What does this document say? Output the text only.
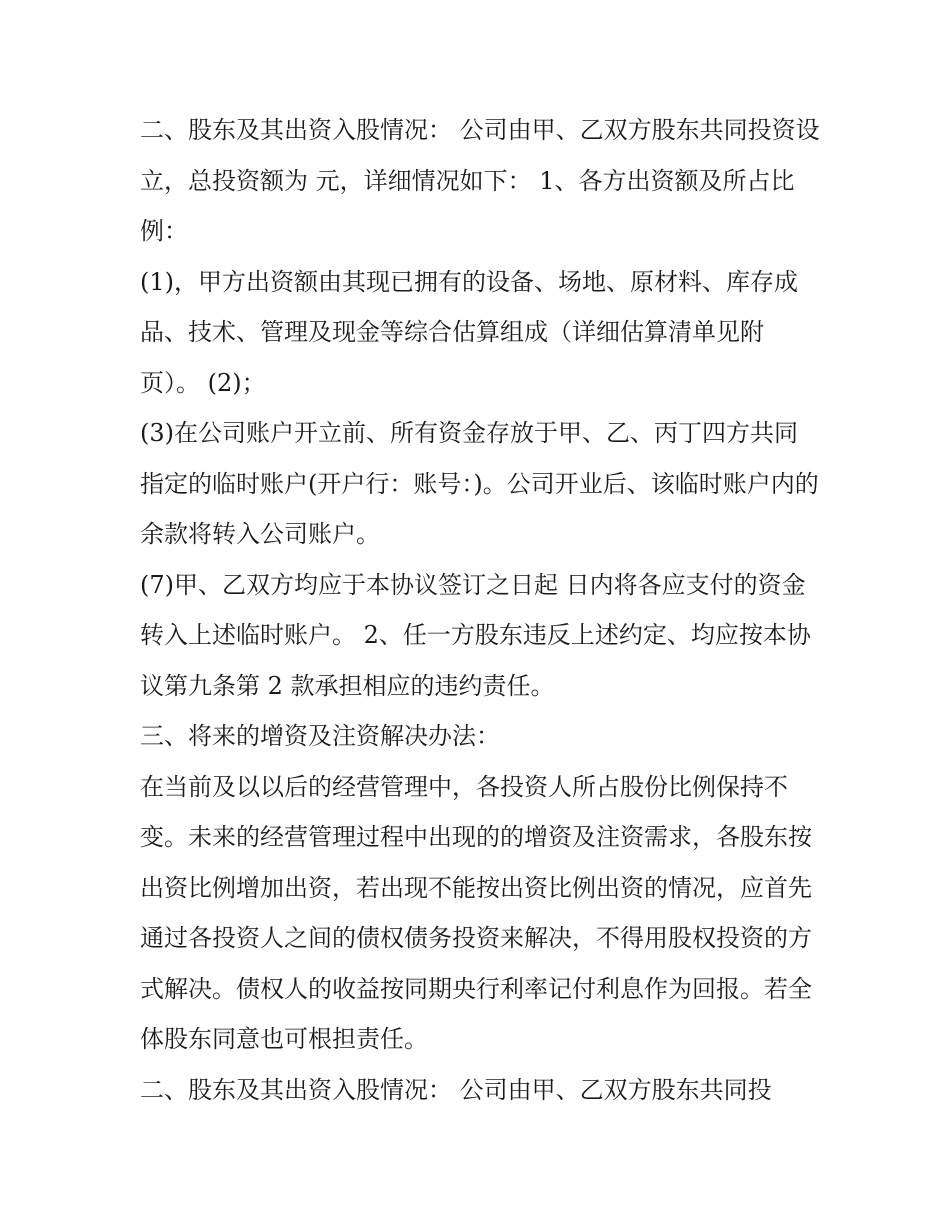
二、股东及其出资入股情况： 公司由甲、乙双方股东共同投资设立，总投资额为 元，详细情况如下： 1、各方出资额及所占比例：

(1)，甲方出资额由其现已拥有的设备、场地、原材料、库存成品、技术、管理及现金等综合估算组成（详细估算清单见附页）。 (2)；

(3)在公司账户开立前、所有资金存放于甲、乙、丙丁四方共同指定的临时账户(开户行：账号：)。公司开业后、该临时账户内的余款将转入公司账户。

(7)甲、乙双方均应于本协议签订之日起 日内将各应支付的资金转入上述临时账户。 2、任一方股东违反上述约定、均应按本协议第九条第 2 款承担相应的违约责任。

三、将来的增资及注资解决办法：

在当前及以以后的经营管理中，各投资人所占股份比例保持不变。未来的经营管理过程中出现的的增资及注资需求，各股东按出资比例增加出资，若出现不能按出资比例出资的情况，应首先通过各投资人之间的债权债务投资来解决，不得用股权投资的方式解决。债权人的收益按同期央行利率记付利息作为回报。若全体股东同意也可根担责任。

二、股东及其出资入股情况： 公司由甲、乙双方股东共同投
